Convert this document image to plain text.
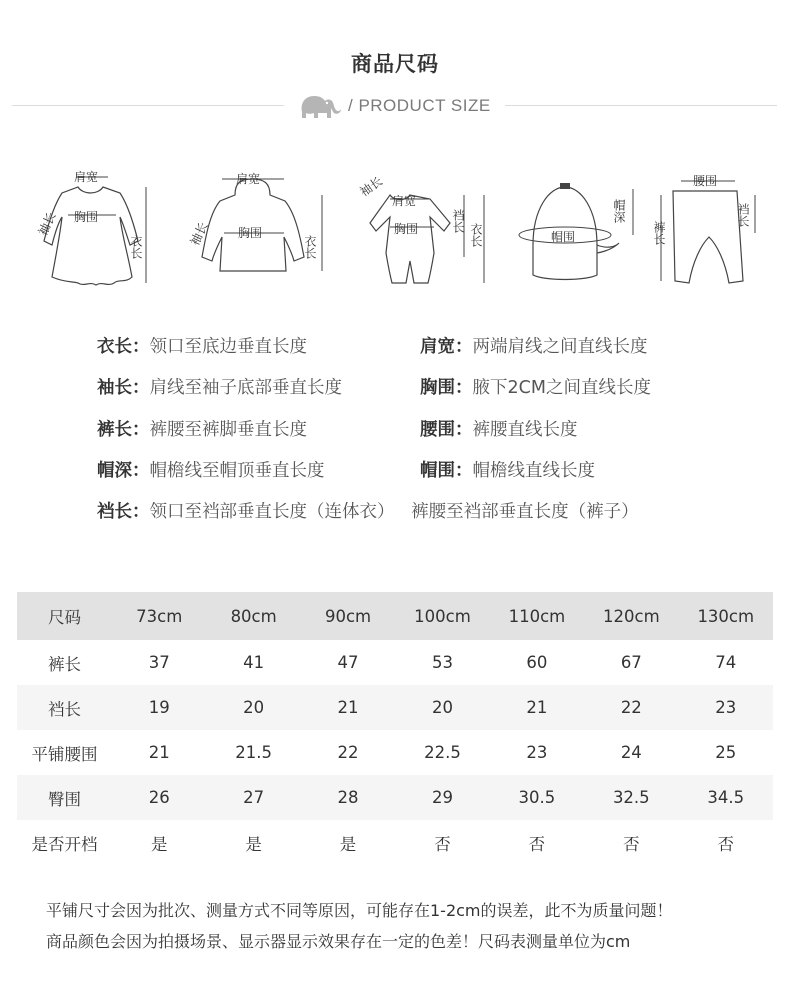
商品尺码
/ PRODUCT SIZE
肩宽
胸围
衣长
袖长
肩宽
胸围
衣长
袖长
肩宽
胸围	裆长
衣长
袖长
帽围
帽深
腰围
裤长
裆长
衣长：领口至底边垂直长度	肩宽：两端肩线之间直线长度
袖长：肩线至袖子底部垂直长度	胸围：腋下2CM之间直线长度
裤长：裤腰至裤脚垂直长度	腰围：裤腰直线长度
帽深：帽檐线至帽顶垂直长度	帽围：帽檐线直线长度
裆长：领口至裆部垂直长度（连体衣）   裤腰至裆部垂直长度（裤子）
尺码	73cm	80cm	90cm	100cm	110cm	120cm	130cm
裤长	37	41	47	53	60	67	74
裆长	19	20	21	20	21	22	23
平铺腰围	21	21.5	22	22.5	23	24	25
臀围	26	27	28	29	30.5	32.5	34.5
是否开档	是	是	是	否	否	否	否
平铺尺寸会因为批次、测量方式不同等原因，可能存在1-2cm的误差，此不为质量问题！
商品颜色会因为拍摄场景、显示器显示效果存在一定的色差！尺码表测量单位为cm
